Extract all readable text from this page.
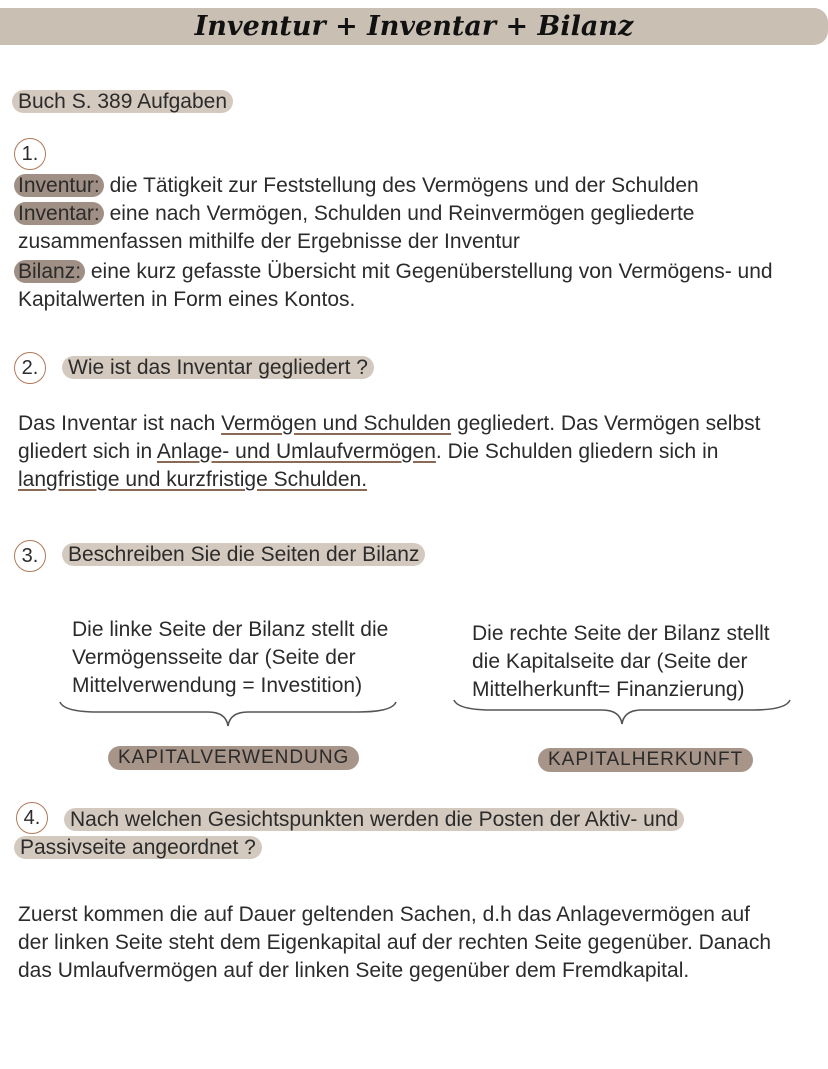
Inventur + Inventar + Bilanz
Buch S. 389 Aufgaben
1.
Inventur: die Tätigkeit zur Feststellung des Vermögens und der Schulden
Inventar: eine nach Vermögen, Schulden und Reinvermögen gegliederte
zusammenfassen mithilfe der Ergebnisse der Inventur
Bilanz: eine kurz gefasste Übersicht mit Gegenüberstellung von Vermögens- und
Kapitalwerten in Form eines Kontos.
2.	Wie ist das Inventar gegliedert ?
Das Inventar ist nach Vermögen und Schulden gegliedert. Das Vermögen selbst
gliedert sich in Anlage- und Umlaufvermögen. Die Schulden gliedern sich in
langfristige und kurzfristige Schulden.
3.	Beschreiben Sie die Seiten der Bilanz
Die linke Seite der Bilanz stellt die
Vermögensseite dar (Seite der
Mittelverwendung = Investition)
Die rechte Seite der Bilanz stellt
die Kapitalseite dar (Seite der
Mittelherkunft= Finanzierung)
KAPITALVERWENDUNG	KAPITALHERKUNFT
4.	Nach welchen Gesichtspunkten werden die Posten der Aktiv- und
Passivseite angeordnet ?
Zuerst kommen die auf Dauer geltenden Sachen, d.h das Anlagevermögen auf
der linken Seite steht dem Eigenkapital auf der rechten Seite gegenüber. Danach
das Umlaufvermögen auf der linken Seite gegenüber dem Fremdkapital.
